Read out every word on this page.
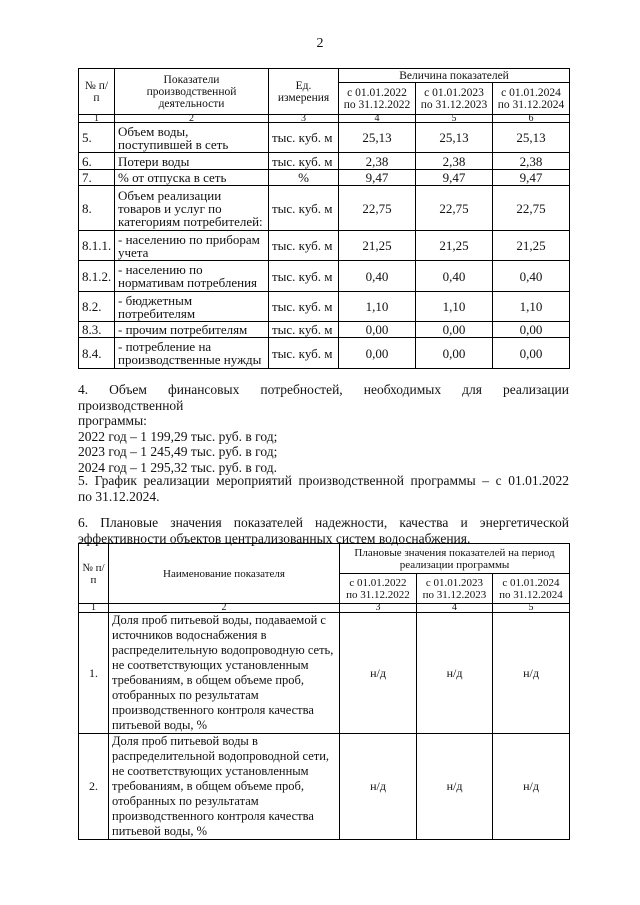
2
№ п/п	Показатели производственной деятельности	Ед. измерения	Величина показателей		
			с 01.01.2022 по 31.12.2022	с 01.01.2023 по 31.12.2023	с 01.01.2024 по 31.12.2024
1	2	3	4	5	6
5.	Объем воды, поступившей в сеть	тыс. куб. м	25,13	25,13	25,13
6.	Потери воды	тыс. куб. м	2,38	2,38	2,38
7.	% от отпуска в сеть	%	9,47	9,47	9,47
8.	Объем реализации товаров и услуг по категориям потребителей:	тыс. куб. м	22,75	22,75	22,75
8.1.1.	- населению по приборам учета	тыс. куб. м	21,25	21,25	21,25
8.1.2.	- населению по нормативам потребления	тыс. куб. м	0,40	0,40	0,40
8.2.	- бюджетным потребителям	тыс. куб. м	1,10	1,10	1,10
8.3.	- прочим потребителям	тыс. куб. м	0,00	0,00	0,00
8.4.	- потребление на производственные нужды	тыс. куб. м	0,00	0,00	0,00
4. Объем финансовых потребностей, необходимых для реализации производственной
программы:
2022 год – 1 199,29 тыс. руб. в год;
2023 год – 1 245,49 тыс. руб. в год;
2024 год – 1 295,32 тыс. руб. в год.
5. График реализации мероприятий производственной программы – с 01.01.2022
по 31.12.2024.
6. Плановые значения показателей надежности, качества и энергетической
эффективности объектов централизованных систем водоснабжения.
№ п/п	Наименование показателя	Плановые значения показателей на период реализации программы		
		с 01.01.2022 по 31.12.2022	с 01.01.2023 по 31.12.2023	с 01.01.2024 по 31.12.2024
1	2	3	4	5
1.	Доля проб питьевой воды, подаваемой с источников водоснабжения в распределительную водопроводную сеть, не соответствующих установленным требованиям, в общем объеме проб, отобранных по результатам производственного контроля качества питьевой воды, %	н/д	н/д	н/д
2.	Доля проб питьевой воды в распределительной водопроводной сети, не соответствующих установленным требованиям, в общем объеме проб, отобранных по результатам производственного контроля качества питьевой воды, %	н/д	н/д	н/д
